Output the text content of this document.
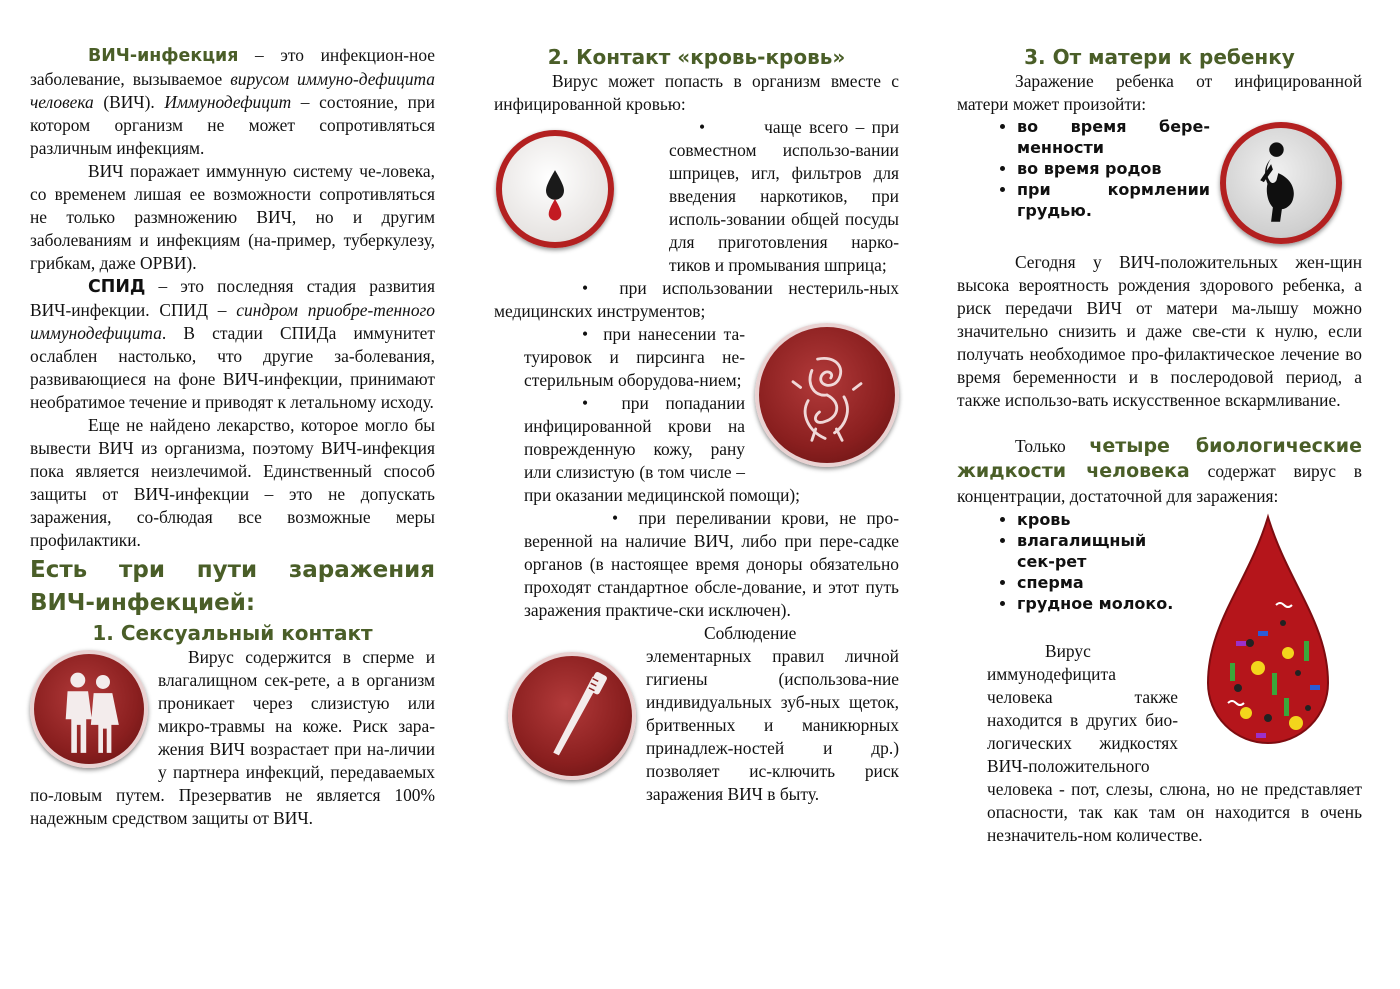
ВИЧ-инфекция – это инфекцион-ное заболевание, вызываемое вирусом иммуно-дефицита человека (ВИЧ). Иммунодефицит – состояние, при котором организм не может сопротивляться различным инфекциям.

ВИЧ поражает иммунную систему че-ловека, со временем лишая ее возможности сопротивляться не только размножению ВИЧ, но и другим заболеваниям и инфекциям (на-пример, туберкулезу, грибкам, даже ОРВИ).

СПИД – это последняя стадия развития ВИЧ-инфекции. СПИД – синдром приобре-тенного иммунодефицита. В стадии СПИДа иммунитет ослаблен настолько, что другие за-болевания, развивающиеся на фоне ВИЧ-инфекции, принимают необратимое течение и приводят к летальному исходу.

Еще не найдено лекарство, которое могло бы вывести ВИЧ из организма, поэтому ВИЧ-инфекция пока является неизлечимой. Единственный способ защиты от ВИЧ-инфекции – это не допускать заражения, со-блюдая все возможные меры профилактики.

Есть три пути заражения ВИЧ-инфекцией:

1. Сексуальный контакт

Вирус содержится в сперме и влагалищном сек-рете, а в организм проникает через слизистую или микро-травмы на коже. Риск зара-жения ВИЧ возрастает при на-личии у партнера инфекций, передаваемых по-ловым путем. Презерватив не является 100% надежным средством защиты от ВИЧ.

2. Контакт «кровь-кровь»

Вирус может попасть в организм вместе с инфицированной кровью:

•        чаще всего – при совместном использо-вании шприцев, игл, фильтров для введения наркотиков, при исполь-зовании общей посуды для приготовления нарко-тиков и промывания шприца;

•  при использовании нестериль-ных медицинских инструментов;

•  при нанесении та-туировок и пирсинга не-стерильным оборудова-нием;

•  при попадании инфицированной крови на поврежденную кожу, рану или слизистую (в том числе – при оказании медицинской помощи);

•  при переливании крови, не про-веренной на наличие ВИЧ, либо при пере-садке органов (в настоящее время доноры обязательно проходят стандартное обсле-дование, и этот путь заражения практиче-ски исключен).

Соблюдение элементарных правил личной гигиены (использова-ние индивидуальных зуб-ных щеток, бритвенных и маникюрных принадлеж-ностей и др.) позволяет ис-ключить риск заражения ВИЧ в быту.

3. От матери к ребенку

Заражение ребенка от инфицированной матери может произойти:

• во время бере-менности
• во время родов
• при кормлении грудью.

Сегодня у ВИЧ-положительных жен-щин высока вероятность рождения здорового ребенка, а риск передачи ВИЧ от матери ма-лышу можно значительно снизить и даже све-сти к нулю, если получать необходимое про-филактическое лечение во время беременности и в послеродовой период, а также использо-вать искусственное вскармливание.

Только четыре биологические жидкости человека содержат вирус в концентрации, достаточной для заражения:

• кровь
• влагалищный сек-рет
• сперма
• грудное молоко.

Вирус иммунодефицита человека также находится в других био-логических жидкостях ВИЧ-положительного человека - пот, слезы, слюна, но не представляет опасности, так как там он находится в очень незначитель-ном количестве.
